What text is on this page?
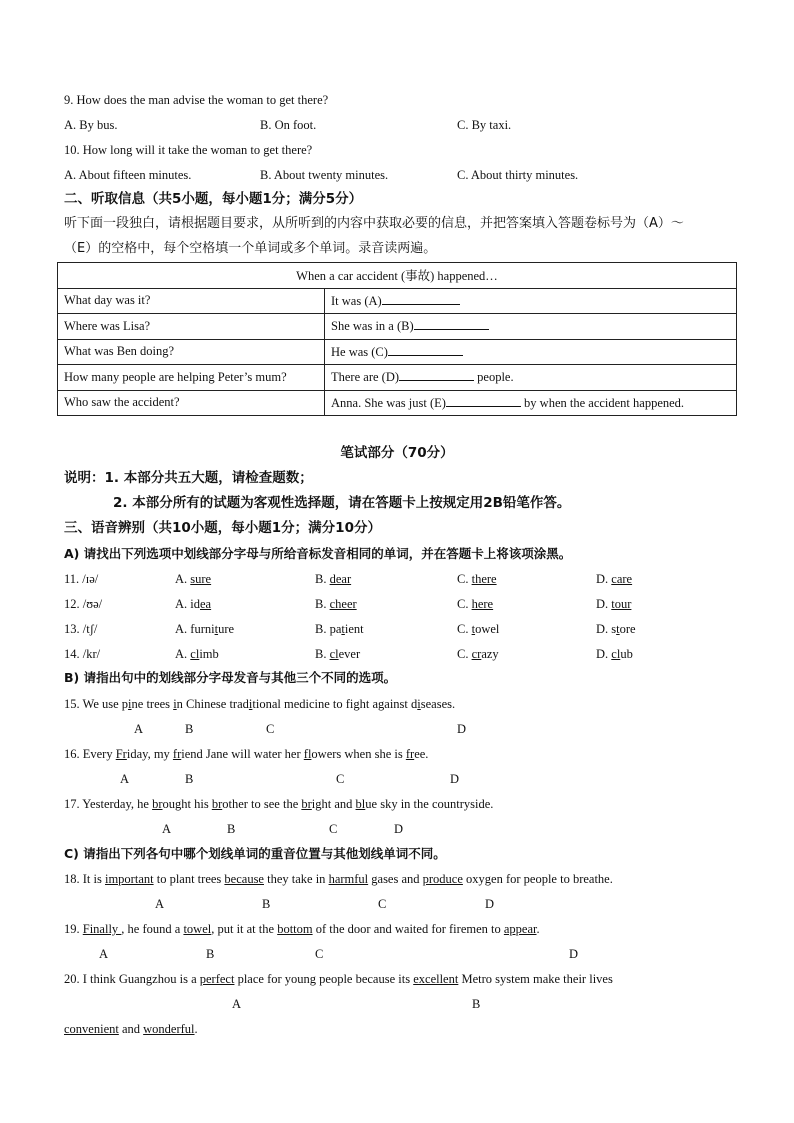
9. How does the man advise the woman to get there?
A. By bus.	B. On foot.	C. By taxi.
10. How long will it take the woman to get there?
A. About fifteen minutes.	B. About twenty minutes.	C. About thirty minutes.
二、听取信息（共5小题，每小题1分；满分5分）
听下面一段独白，请根据题目要求，从所听到的内容中获取必要的信息，并把答案填入答题卷标号为（A）～
（E）的空格中，每个空格填一个单词或多个单词。录音读两遍。
When a car accident (事故) happened…	
What day was it?	It was (A)
Where was Lisa?	She was in a (B)
What was Ben doing?	He was (C)
How many people are helping Peter’s mum?	There are (D) people.
Who saw the accident?	Anna. She was just (E) by when the accident happened.
笔试部分（70分）
说明：1. 本部分共五大题，请检查题数；
2. 本部分所有的试题为客观性选择题，请在答题卡上按规定用2B铅笔作答。
三、语音辨别（共10小题，每小题1分；满分10分）
A) 请找出下列选项中划线部分字母与所给音标发音相同的单词，并在答题卡上将该项涂黑。
11. /ɪə/	A. sure	B. dear	C. there	D. care
12. /ʊə/	A. idea	B. cheer	C. here	D. tour
13. /tʃ/	A. furniture	B. patient	C. towel	D. store
14. /kr/	A. climb	B. clever	C. crazy	D. club
B) 请指出句中的划线部分字母发音与其他三个不同的选项。
15. We use pine trees in Chinese traditional medicine to fight against diseases.
A	B	C	D
16. Every Friday, my friend Jane will water her flowers when she is free.
A	B	C	D
17. Yesterday, he brought his brother to see the bright and blue sky in the countryside.
A	B	C	D
C) 请指出下列各句中哪个划线单词的重音位置与其他划线单词不同。
18. It is important to plant trees because they take in harmful gases and produce oxygen for people to breathe.
A	B	C	D
19. Finally , he found a towel, put it at the bottom of the door and waited for firemen to appear.
A	B	C	D
20. I think Guangzhou is a perfect place for young people because its excellent Metro system make their lives
A	B
convenient and wonderful.
